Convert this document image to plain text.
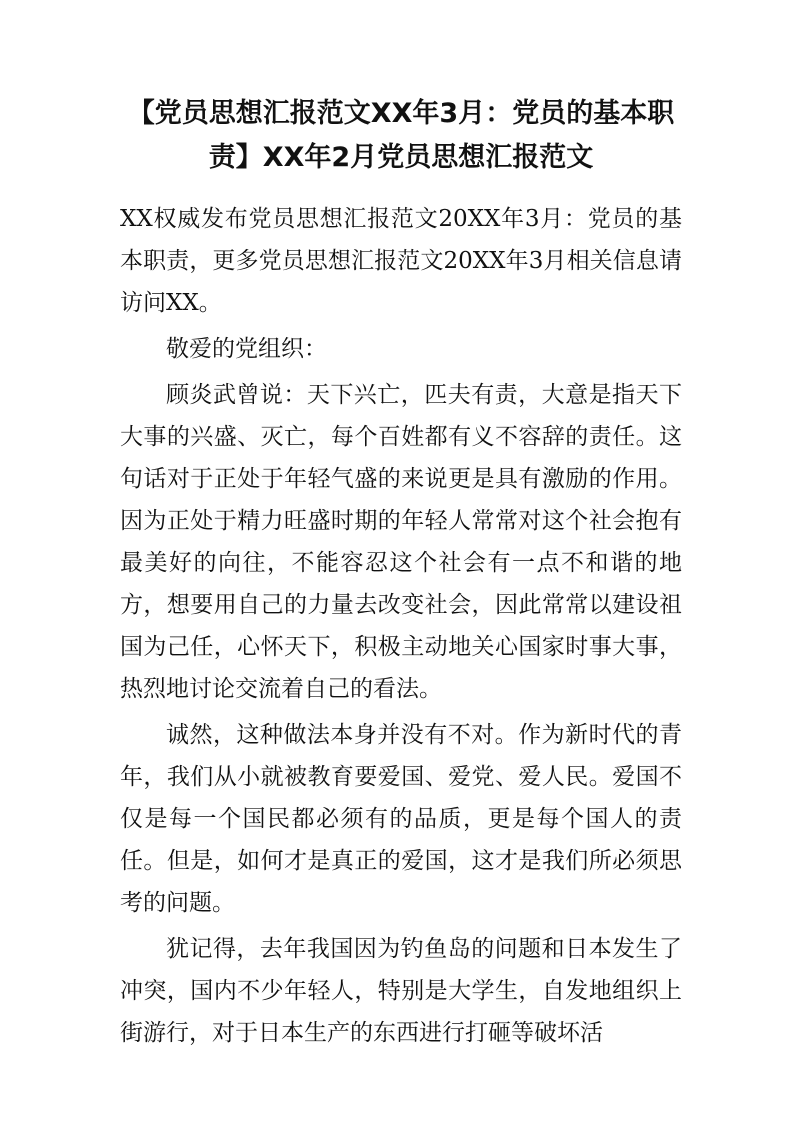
【党员思想汇报范文XX年3月：党员的基本职责】XX年2月党员思想汇报范文

XX权威发布党员思想汇报范文20XX年3月：党员的基本职责，更多党员思想汇报范文20XX年3月相关信息请访问XX。

敬爱的党组织：

顾炎武曾说：天下兴亡，匹夫有责，大意是指天下大事的兴盛、灭亡，每个百姓都有义不容辞的责任。这句话对于正处于年轻气盛的来说更是具有激励的作用。因为正处于精力旺盛时期的年轻人常常对这个社会抱有最美好的向往，不能容忍这个社会有一点不和谐的地方，想要用自己的力量去改变社会，因此常常以建设祖国为己任，心怀天下，积极主动地关心国家时事大事，热烈地讨论交流着自己的看法。

诚然，这种做法本身并没有不对。作为新时代的青年，我们从小就被教育要爱国、爱党、爱人民。爱国不仅是每一个国民都必须有的品质，更是每个国人的责任。但是，如何才是真正的爱国，这才是我们所必须思考的问题。

犹记得，去年我国因为钓鱼岛的问题和日本发生了冲突，国内不少年轻人，特别是大学生，自发地组织上街游行，对于日本生产的东西进行打砸等破坏活
